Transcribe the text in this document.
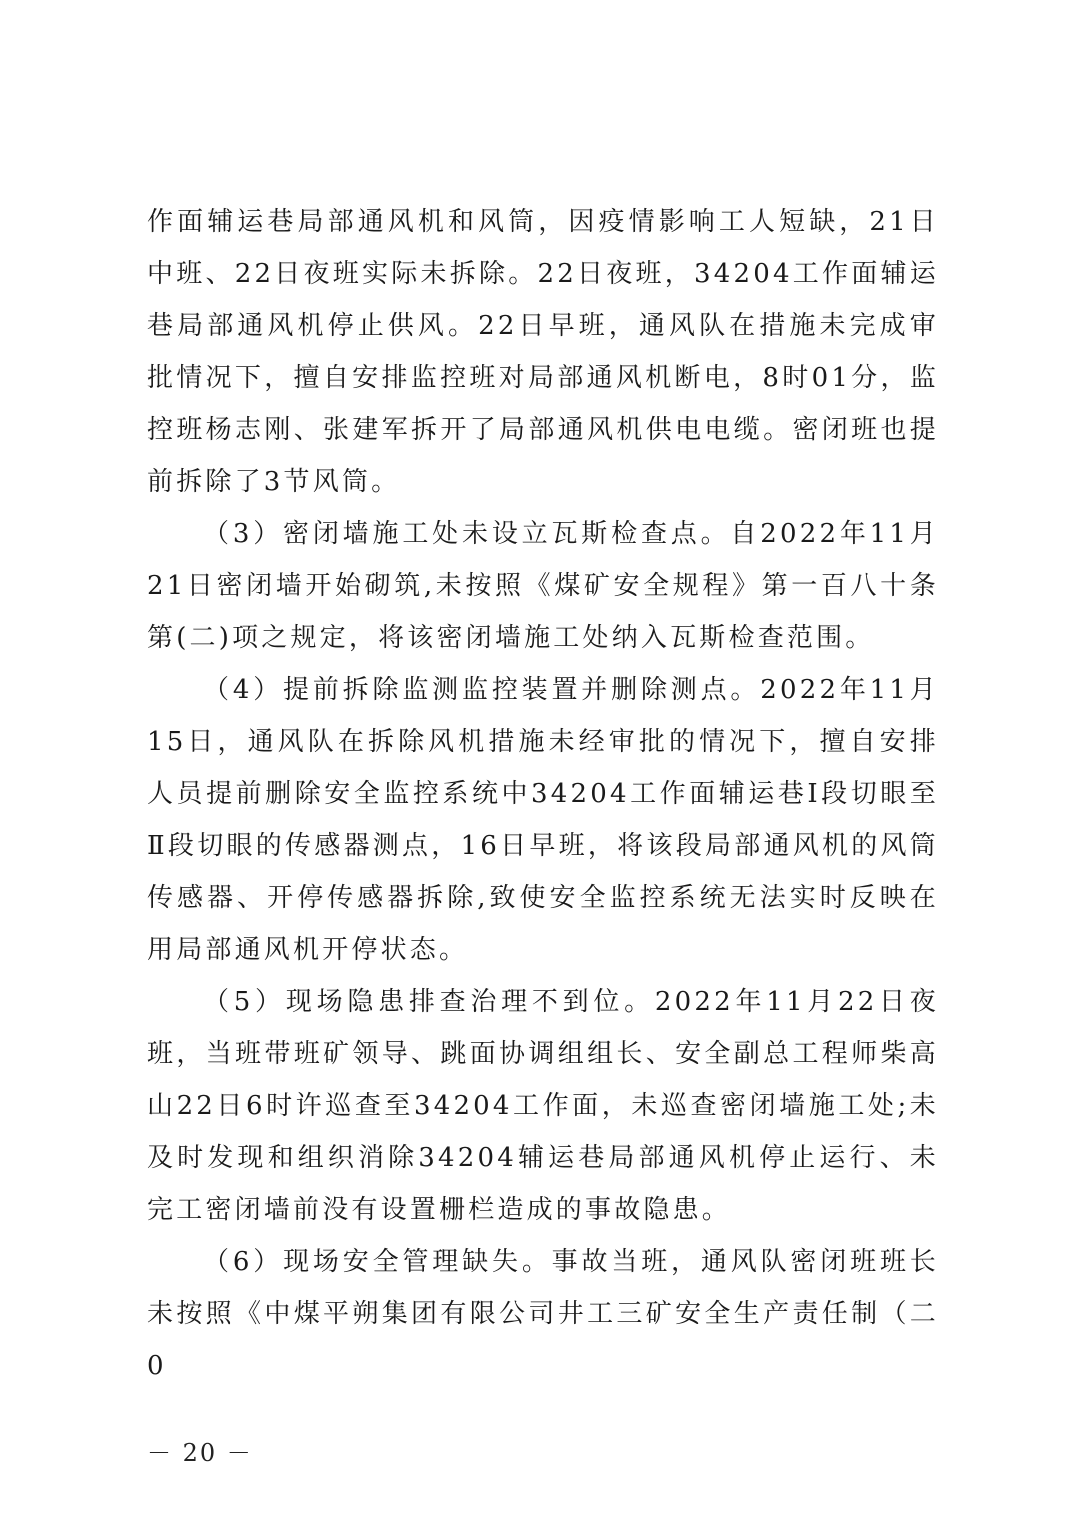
作面辅运巷局部通风机和风筒，因疫情影响工人短缺，21日中班、22日夜班实际未拆除。22日夜班，34204工作面辅运巷局部通风机停止供风。22日早班，通风队在措施未完成审批情况下，擅自安排监控班对局部通风机断电，8时01分，监控班杨志刚、张建军拆开了局部通风机供电电缆。密闭班也提前拆除了3节风筒。

（3）密闭墙施工处未设立瓦斯检查点。自2022年11月21日密闭墙开始砌筑,未按照《煤矿安全规程》第一百八十条第(二)项之规定，将该密闭墙施工处纳入瓦斯检查范围。

（4）提前拆除监测监控装置并删除测点。2022年11月15日，通风队在拆除风机措施未经审批的情况下，擅自安排人员提前删除安全监控系统中34204工作面辅运巷Ⅰ段切眼至Ⅱ段切眼的传感器测点，16日早班，将该段局部通风机的风筒传感器、开停传感器拆除,致使安全监控系统无法实时反映在用局部通风机开停状态。

（5）现场隐患排查治理不到位。2022年11月22日夜班，当班带班矿领导、跳面协调组组长、安全副总工程师柴高山22日6时许巡查至34204工作面，未巡查密闭墙施工处;未及时发现和组织消除34204辅运巷局部通风机停止运行、未完工密闭墙前没有设置栅栏造成的事故隐患。

（6）现场安全管理缺失。事故当班，通风队密闭班班长未按照《中煤平朔集团有限公司井工三矿安全生产责任制（二0

－ 20 －
